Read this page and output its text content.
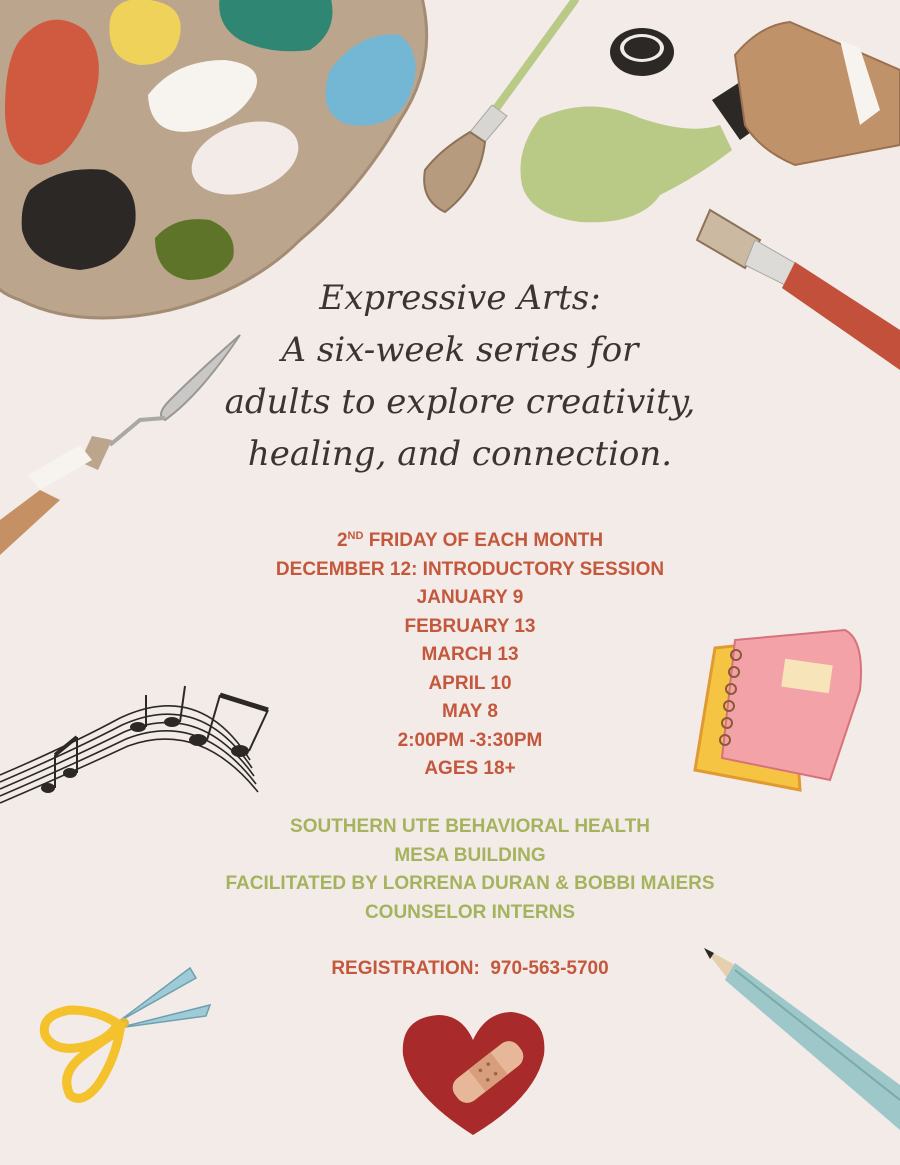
Expressive Arts:
A six-week series for
adults to explore creativity,
healing, and connection.
2ND FRIDAY OF EACH MONTH
DECEMBER 12: INTRODUCTORY SESSION
JANUARY 9
FEBRUARY 13
MARCH 13
APRIL 10
MAY 8
2:00PM -3:30PM
AGES 18+
SOUTHERN UTE BEHAVIORAL HEALTH
MESA BUILDING
FACILITATED BY LORRENA DURAN & BOBBI MAIERS
COUNSELOR INTERNS
REGISTRATION:  970-563-5700
